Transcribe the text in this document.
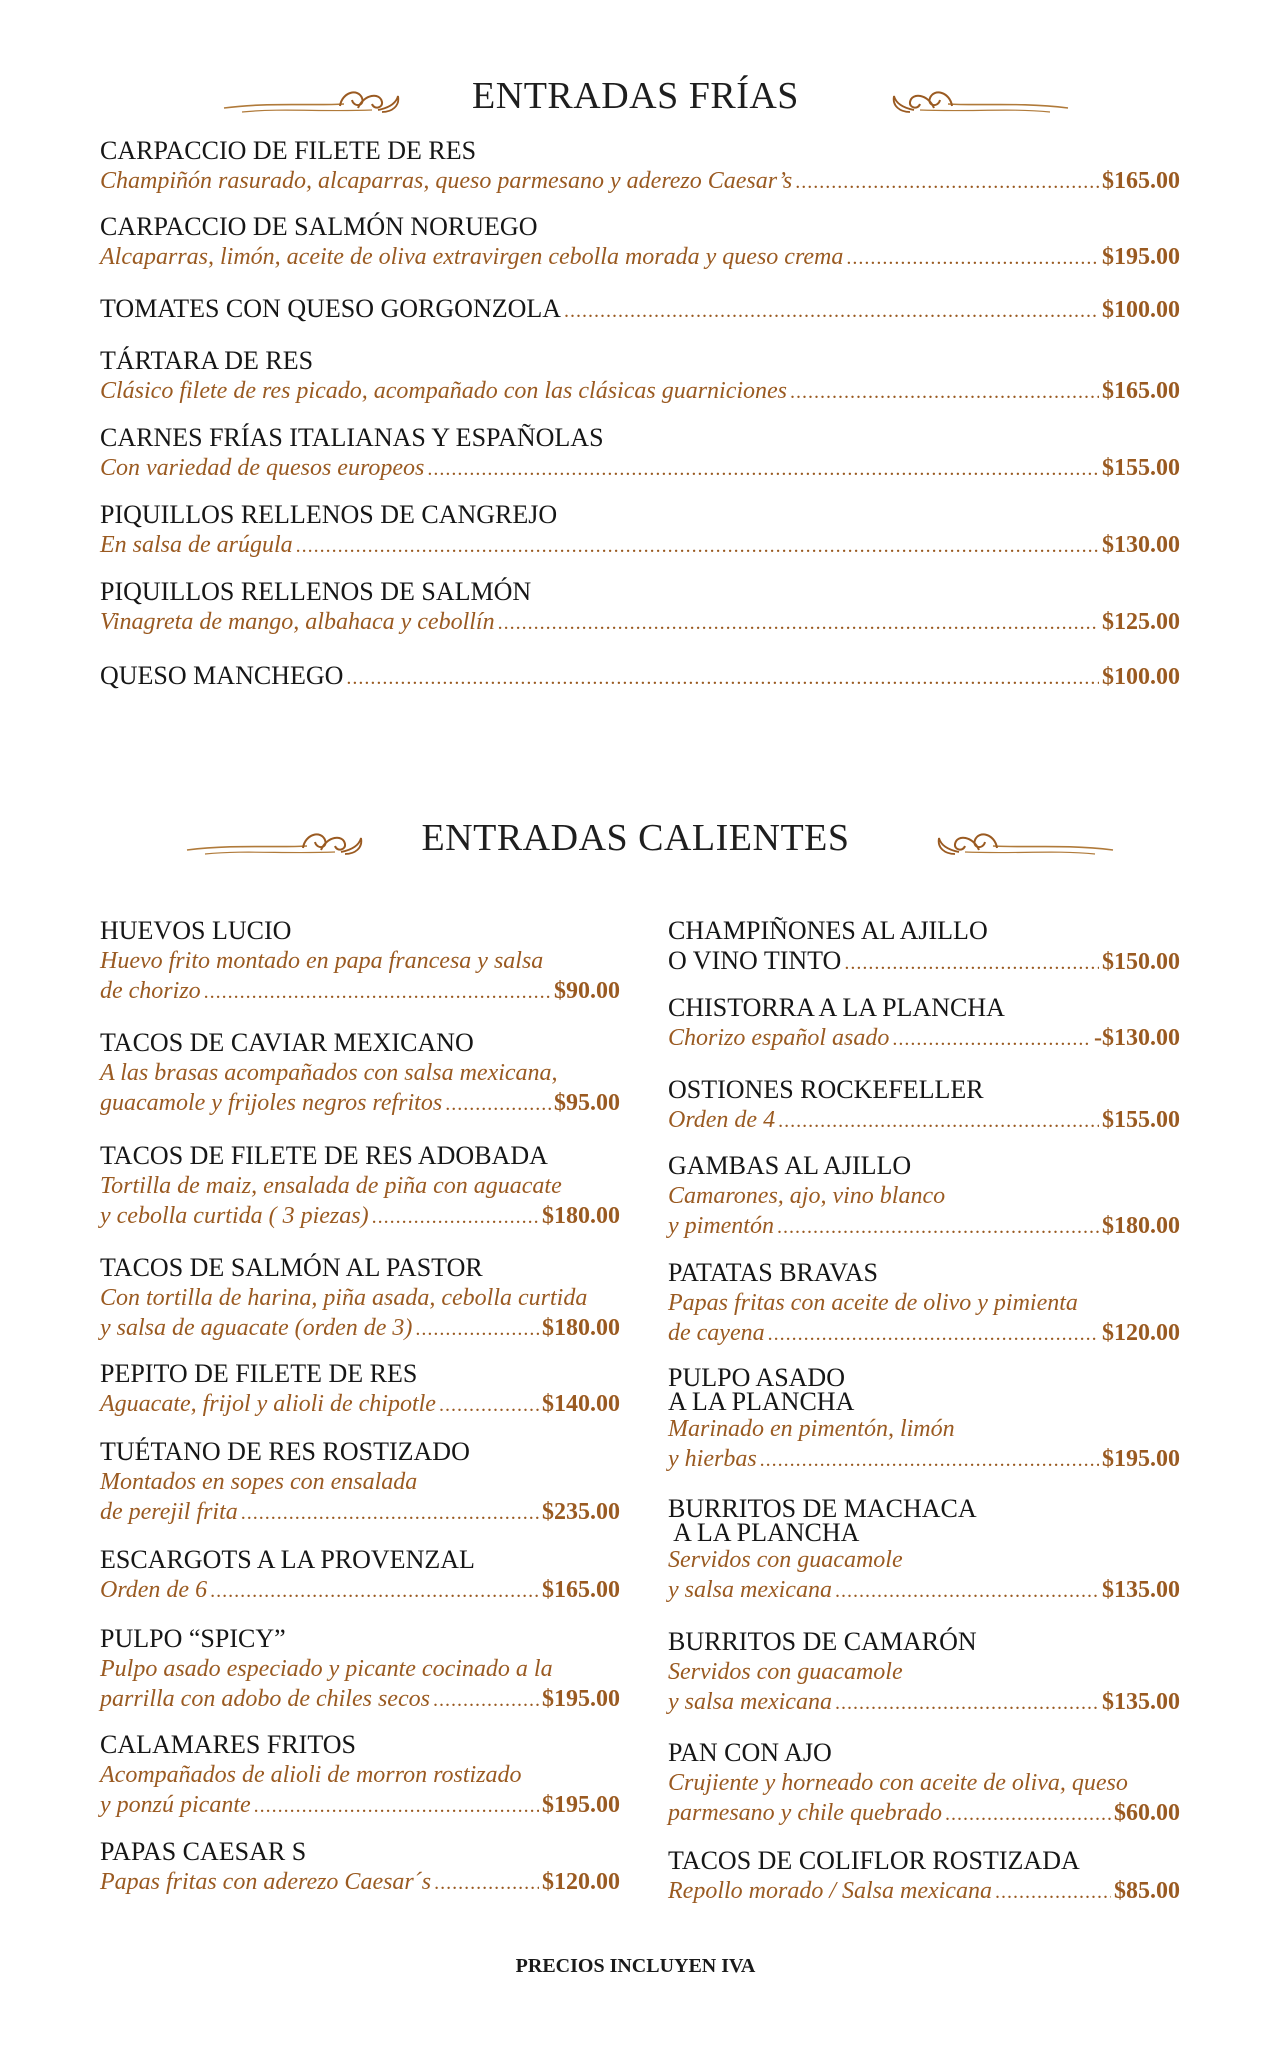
ENTRADAS FRÍAS
ENTRADAS CALIENTES
PRECIOS INCLUYEN IVA
CARPACCIO DE FILETE DE RES
Champiñón rasurado, alcaparras, queso parmesano y aderezo Caesar’s .....	$165.00
CARPACCIO DE SALMÓN NORUEGO
Alcaparras, limón, aceite de oliva extravirgen cebolla morada y queso crema .....	$195.00
TOMATES CON QUESO GORGONZOLA .....	$100.00
TÁRTARA DE RES
Clásico filete de res picado, acompañado con las clásicas guarniciones .....	$165.00
CARNES FRÍAS ITALIANAS Y ESPAÑOLAS
Con variedad de quesos europeos .....	$155.00
PIQUILLOS RELLENOS DE CANGREJO
En salsa de arúgula .....	$130.00
PIQUILLOS RELLENOS DE SALMÓN
Vinagreta de mango, albahaca y cebollín .....	$125.00
QUESO MANCHEGO .....	$100.00
HUEVOS LUCIO
Huevo frito montado en papa francesa y salsa
de chorizo .....	$90.00
TACOS DE CAVIAR MEXICANO
A las brasas acompañados con salsa mexicana,
guacamole y frijoles negros refritos .....	$95.00
TACOS DE FILETE DE RES ADOBADA
Tortilla de maiz, ensalada de piña con aguacate
y cebolla curtida ( 3 piezas) .....	$180.00
TACOS DE SALMÓN AL PASTOR
Con tortilla de harina, piña asada, cebolla curtida
y salsa de aguacate (orden de 3) .....	$180.00
PEPITO DE FILETE DE RES
Aguacate, frijol y alioli de chipotle .....	$140.00
TUÉTANO DE RES ROSTIZADO
Montados en sopes con ensalada
de perejil frita .....	$235.00
ESCARGOTS A LA PROVENZAL
Orden de 6 .....	$165.00
PULPO “SPICY”
Pulpo asado especiado y picante cocinado a la
parrilla con adobo de chiles secos .....	$195.00
CALAMARES FRITOS
Acompañados de alioli de morron rostizado
y ponzú picante .....	$195.00
PAPAS CAESAR S
Papas fritas con aderezo Caesar´s .....	$120.00
CHAMPIÑONES AL AJILLO
O VINO TINTO .....	$150.00
CHISTORRA A LA PLANCHA
Chorizo español asado .....	-$130.00
OSTIONES ROCKEFELLER
Orden de 4 .....	$155.00
GAMBAS AL AJILLO
Camarones, ajo, vino blanco
y pimentón .....	$180.00
PATATAS BRAVAS
Papas fritas con aceite de olivo y pimienta
de cayena .....	$120.00
PULPO ASADO
A LA PLANCHA
Marinado en pimentón, limón
y hierbas .....	$195.00
BURRITOS DE MACHACA
A LA PLANCHA
Servidos con guacamole
y salsa mexicana .....	$135.00
BURRITOS DE CAMARÓN
Servidos con guacamole
y salsa mexicana .....	$135.00
PAN CON AJO
Crujiente y horneado con aceite de oliva, queso
parmesano y chile quebrado .....	$60.00
TACOS DE COLIFLOR ROSTIZADA
Repollo morado / Salsa mexicana .....	$85.00
